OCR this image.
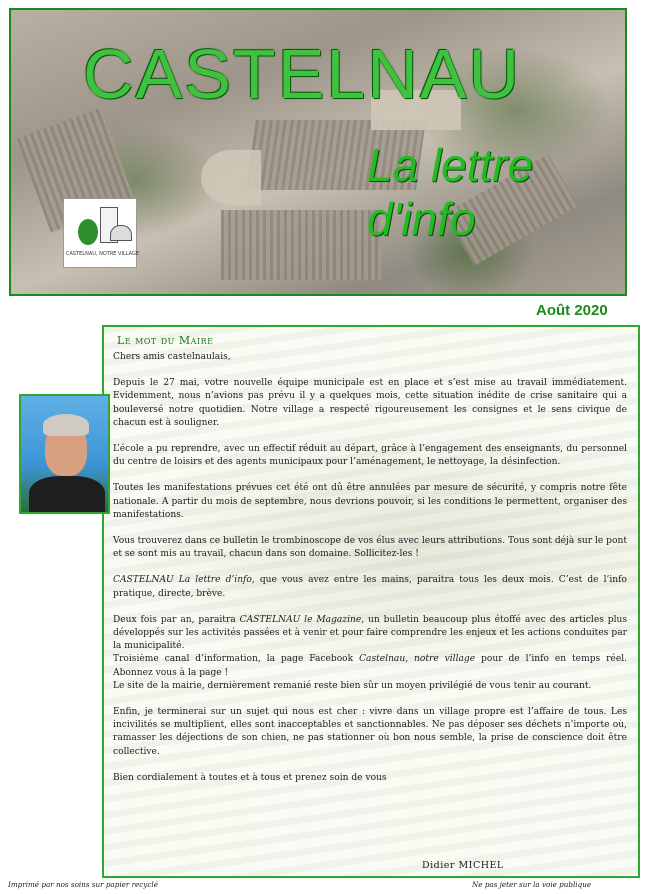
CASTELNAU
La lettre d'info
CASTELNAU, NOTRE VILLAGE
Août 2020
Le mot du Maire

Chers amis castelnaulais,

Depuis le 27 mai, votre nouvelle équipe municipale est en place et s’est mise au travail immédiatement. Evidemment, nous n’avions pas prévu il y a quelques mois, cette situation inédite de crise sanitaire qui a bouleversé notre quotidien. Notre village a respecté rigoureusement les consignes et le sens civique de chacun est à souligner.

L’école a pu reprendre, avec un effectif réduit au départ, grâce à l’engagement des enseignants, du personnel du centre de loisirs et des agents municipaux pour l’aménagement, le nettoyage, la désinfection.

Toutes les manifestations prévues cet été ont dû être annulées par mesure de sécurité, y compris notre fête nationale. A partir du mois de septembre, nous devrions pouvoir, si les conditions le permettent, organiser des manifestations.

Vous trouverez dans ce bulletin le trombinoscope de vos élus avec leurs attributions. Tous sont déjà sur le pont et se sont mis au travail, chacun dans son domaine. Sollicitez-les !

CASTELNAU La lettre d’info, que vous avez entre les mains, paraitra tous les deux mois. C’est de l’info pratique, directe, brève.

Deux fois par an, paraitra CASTELNAU le Magazine, un bulletin beaucoup plus étoffé avec des articles plus développés sur les activités passées et à venir et pour faire comprendre les enjeux et les actions conduites par la municipalité.

Troisième canal d’information, la page Facebook Castelnau, notre village pour de l’info en temps réel. Abonnez vous à la page !

Le site de la mairie, dernièrement remanié reste bien sûr un moyen privilégié de vous tenir au courant.

Enfin, je terminerai sur un sujet qui nous est cher : vivre dans un village propre est l’affaire de tous. Les incivilités se multiplient, elles sont inacceptables et sanctionnables. Ne pas déposer ses déchets n’importe où, ramasser les déjections de son chien, ne pas stationner où bon nous semble, la prise de conscience doit être collective.

Bien cordialement à toutes et à tous et prenez soin de vous

Didier MICHEL
Imprimé par nos soins sur papier recyclé	Ne pas jeter sur la voie publique
